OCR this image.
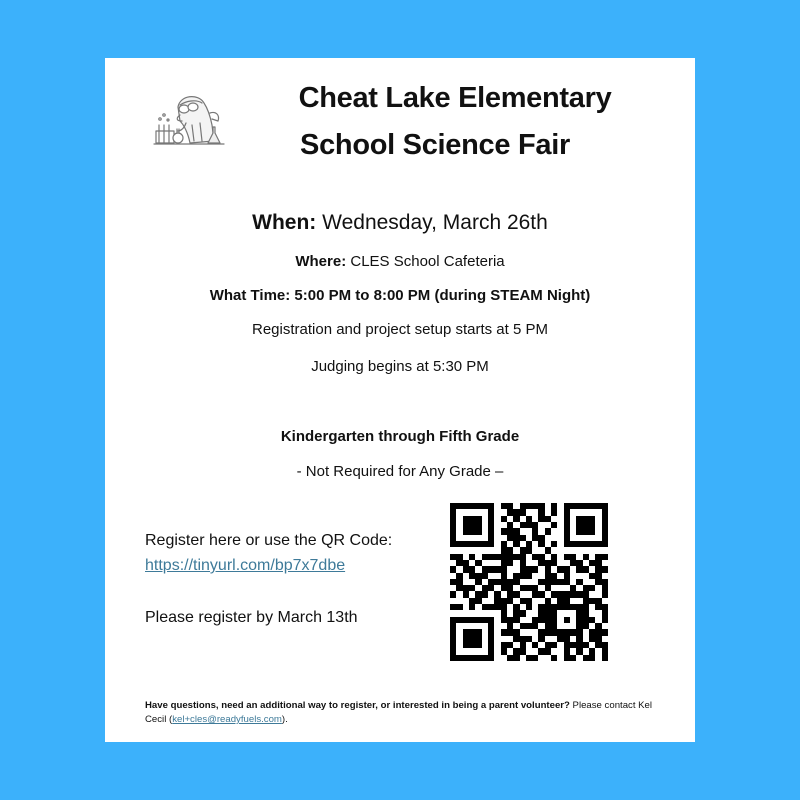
Cheat Lake Elementary
School Science Fair
When: Wednesday, March 26th
Where: CLES School Cafeteria
What Time: 5:00 PM to 8:00 PM (during STEAM Night)
Registration and project setup starts at 5 PM
Judging begins at 5:30 PM
Kindergarten through Fifth Grade
- Not Required for Any Grade –
Register here or use the QR Code:
https://tinyurl.com/bp7x7dbe
Please register by March 13th
Have questions, need an additional way to register, or interested in being a parent volunteer? Please contact Kel Cecil (kel+cles@readyfuels.com).
